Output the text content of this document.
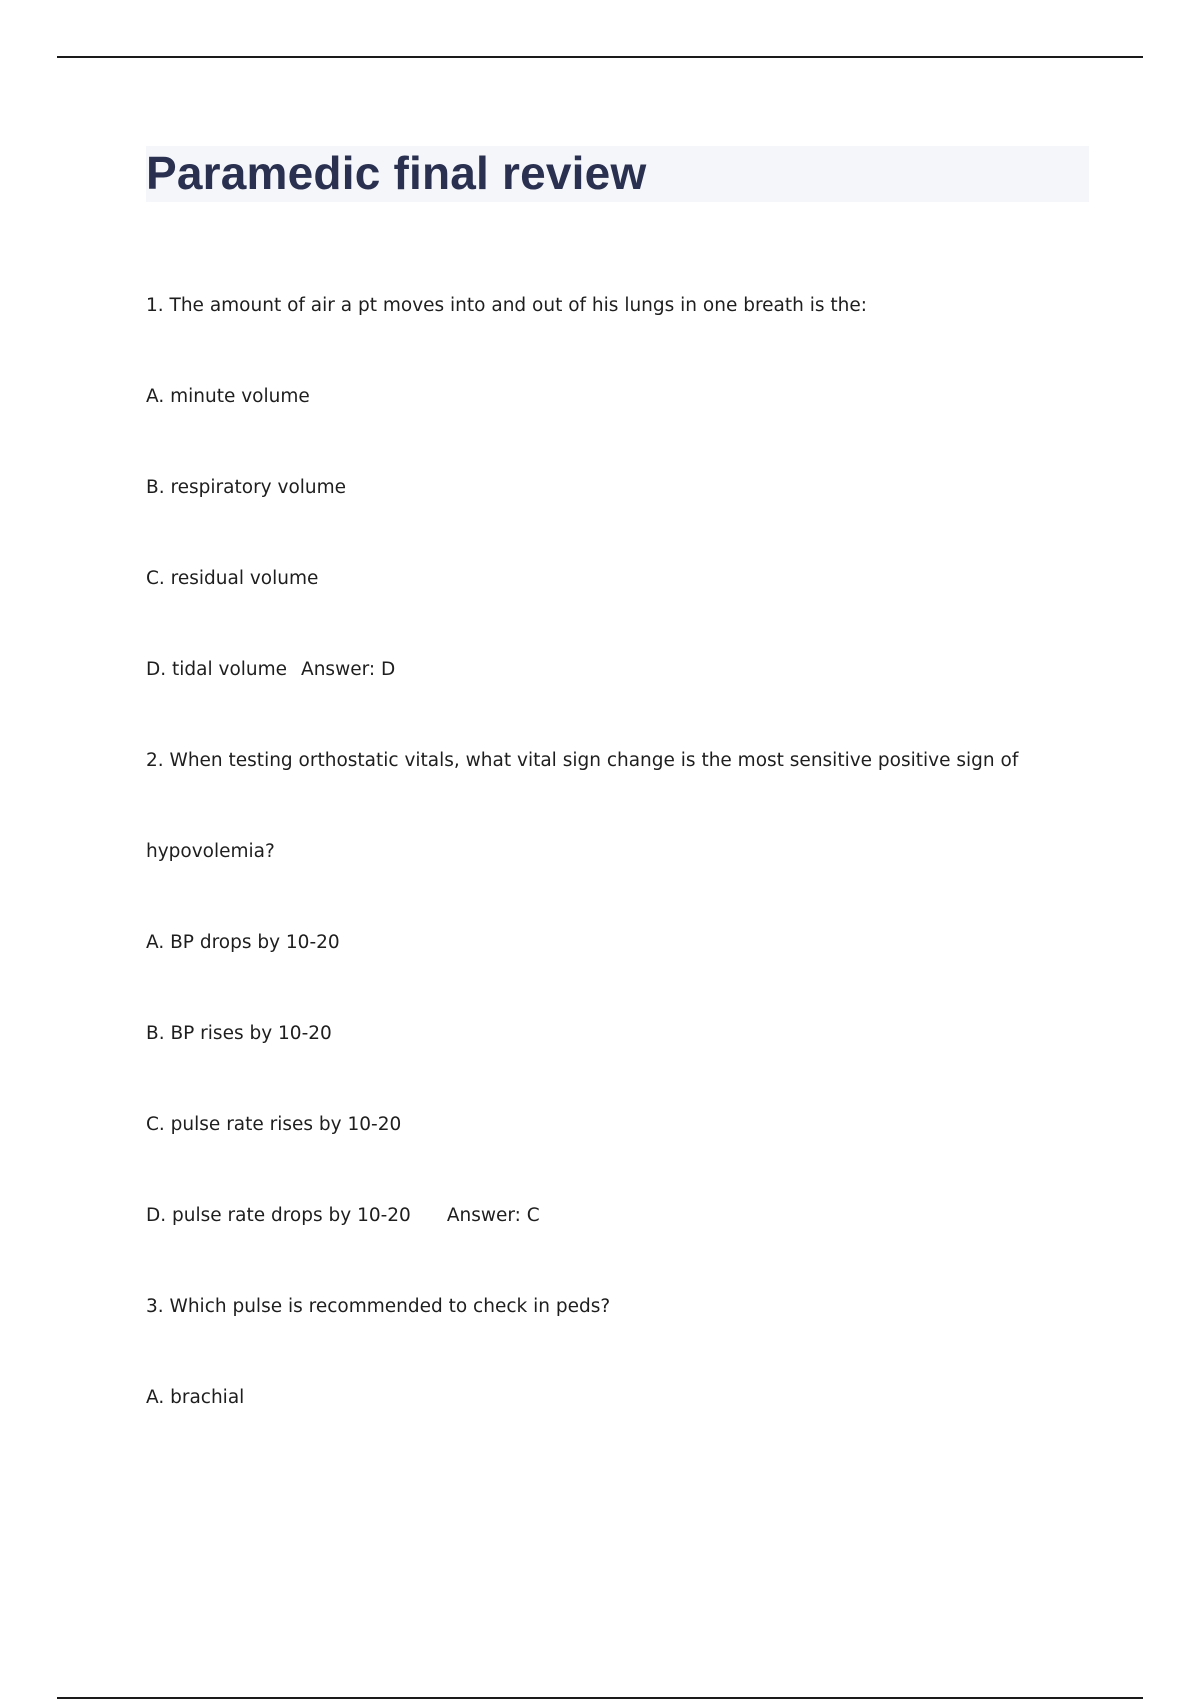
Paramedic final review

1. The amount of air a pt moves into and out of his lungs in one breath is the:

A. minute volume

B. respiratory volume

C. residual volume

D. tidal volume Answer: D

2. When testing orthostatic vitals, what vital sign change is the most sensitive positive sign of

hypovolemia?

A. BP drops by 10-20

B. BP rises by 10-20

C. pulse rate rises by 10-20

D. pulse rate drops by 10-20 Answer: C

3. Which pulse is recommended to check in peds?

A. brachial
